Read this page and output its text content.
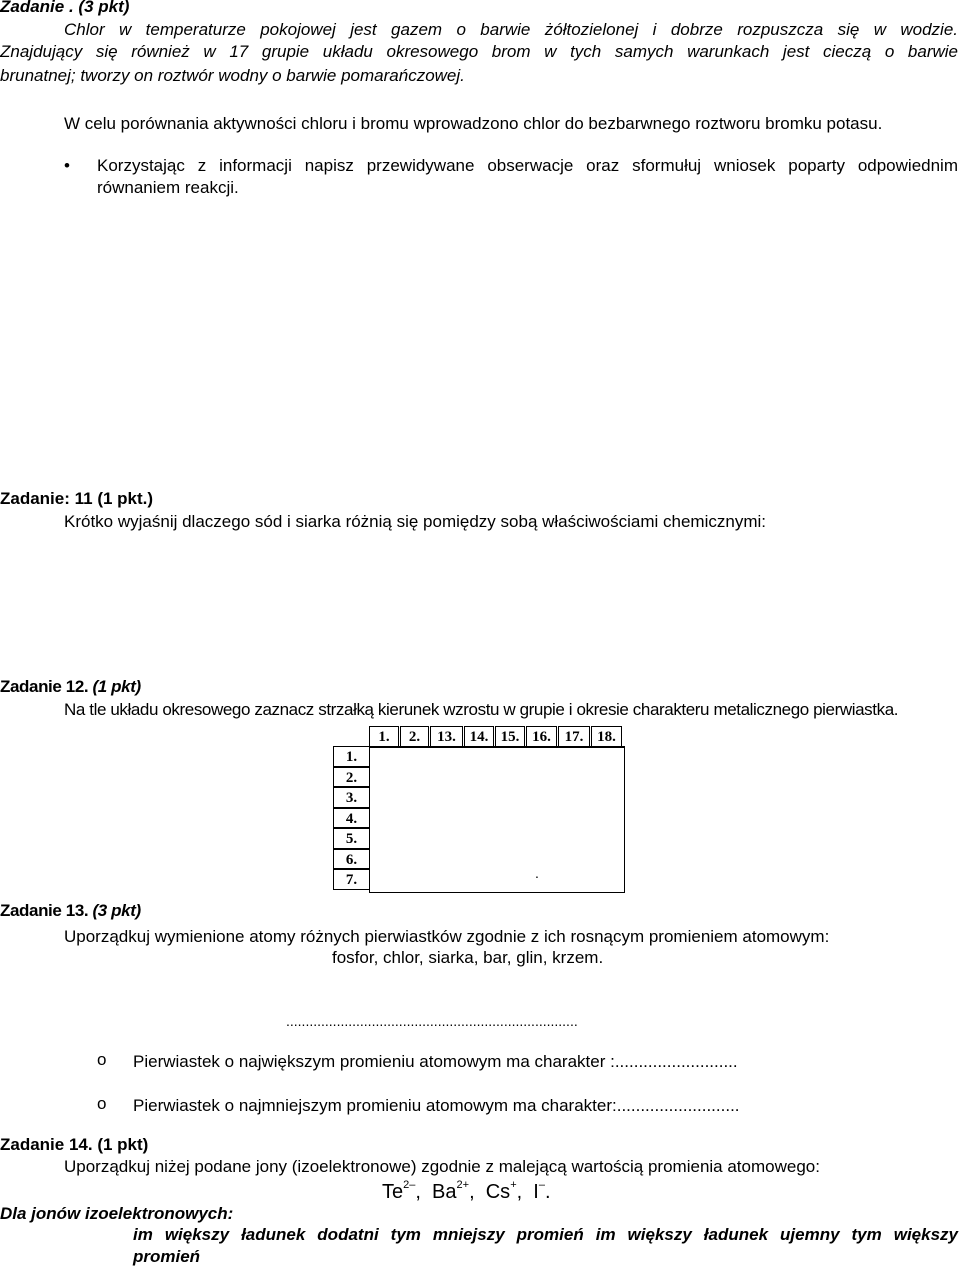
Zadanie . (3 pkt)
Chlor w temperaturze pokojowej jest gazem o barwie żółtozielonej i dobrze rozpuszcza się w wodzie.
Znajdujący się również w 17 grupie układu okresowego brom w tych samych warunkach jest cieczą o barwie
brunatnej; tworzy on roztwór wodny o barwie pomarańczowej.
W celu porównania aktywności chloru i bromu wprowadzono chlor do bezbarwnego roztworu bromku potasu.
• Korzystając z informacji napisz przewidywane obserwacje oraz sformułuj wniosek poparty odpowiednim
równaniem reakcji.
Zadanie: 11 (1 pkt.)
Krótko wyjaśnij dlaczego sód i siarka różnią się pomiędzy sobą właściwościami chemicznymi:
Zadanie 12. (1 pkt)
Na tle układu okresowego zaznacz strzałką kierunek wzrostu w grupie i okresie charakteru metalicznego pierwiastka.
.
1.	2.	13. 14. 15. 16. 17. 18.
1.
2.
3.
4.
5.
6.
7.
Zadanie 13. (3 pkt)
Uporządkuj wymienione atomy różnych pierwiastków zgodnie z ich rosnącym promieniem atomowym:
fosfor, chlor, siarka, bar, glin, krzem.
...........................................................................
o Pierwiastek o największym promieniu atomowym ma charakter :..........................
o Pierwiastek o najmniejszym promieniu atomowym ma charakter:..........................
Zadanie 14. (1 pkt)
Uporządkuj niżej podane jony (izoelektronowe) zgodnie z malejącą wartością promienia atomowego:
$Te^{2-}$,  $Ba^{2+}$,  Cs+,  I–.
Dla jonów izoelektronowych:
im większy ładunek dodatni tym mniejszy promień im większy ładunek ujemny tym większy
promień
